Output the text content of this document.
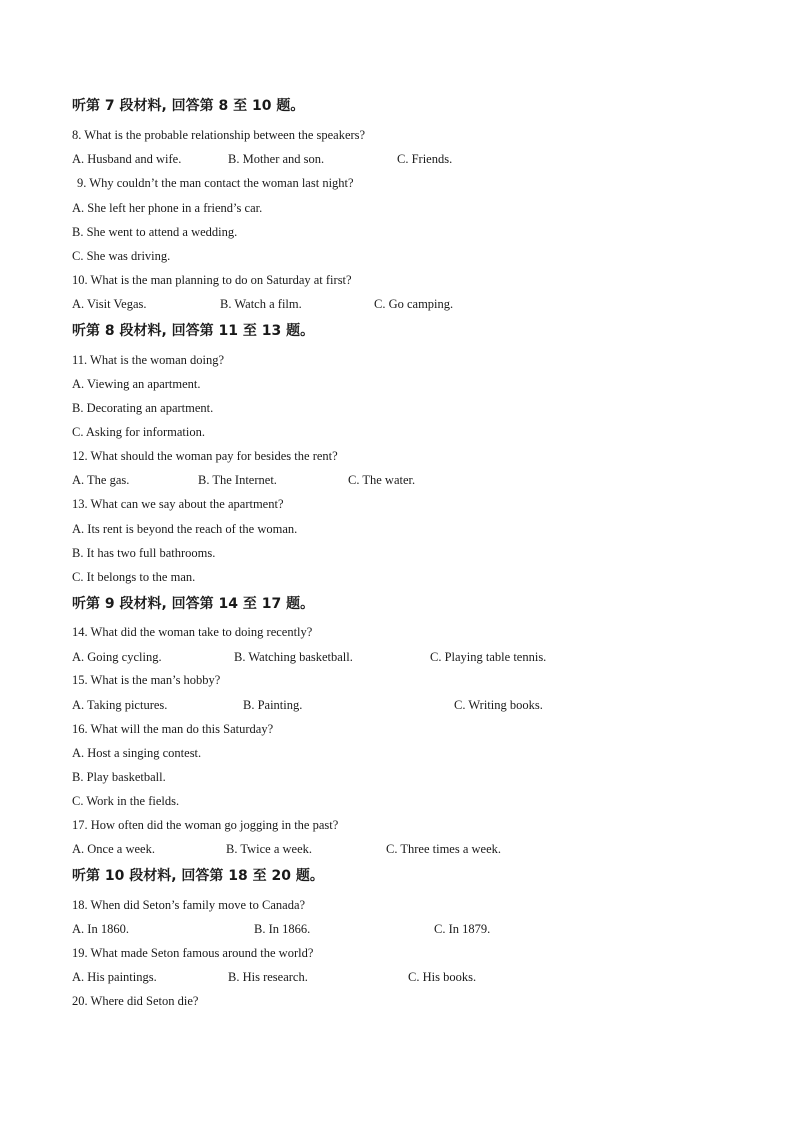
听第 7 段材料, 回答第 8 至 10 题。
8. What is the probable relationship between the speakers?
A. Husband and wife.	B. Mother and son.	C. Friends.
9. Why couldn’t the man contact the woman last night?
A. She left her phone in a friend’s car.
B. She went to attend a wedding.
C. She was driving.
10. What is the man planning to do on Saturday at first?
A. Visit Vegas.	B. Watch a film.	C. Go camping.
听第 8 段材料, 回答第 11 至 13 题。
11. What is the woman doing?
A. Viewing an apartment.
B. Decorating an apartment.
C. Asking for information.
12. What should the woman pay for besides the rent?
A. The gas.	B. The Internet.	C. The water.
13. What can we say about the apartment?
A. Its rent is beyond the reach of the woman.
B. It has two full bathrooms.
C. It belongs to the man.
听第 9 段材料, 回答第 14 至 17 题。
14. What did the woman take to doing recently?
A. Going cycling.	B. Watching basketball.	C. Playing table tennis.
15. What is the man’s hobby?
A. Taking pictures.	B. Painting.	C. Writing books.
16. What will the man do this Saturday?
A. Host a singing contest.
B. Play basketball.
C. Work in the fields.
17. How often did the woman go jogging in the past?
A. Once a week.	B. Twice a week.	C. Three times a week.
听第 10 段材料, 回答第 18 至 20 题。
18. When did Seton’s family move to Canada?
A. In 1860.	B. In 1866.	C. In 1879.
19. What made Seton famous around the world?
A. His paintings.	B. His research.	C. His books.
20. Where did Seton die?
